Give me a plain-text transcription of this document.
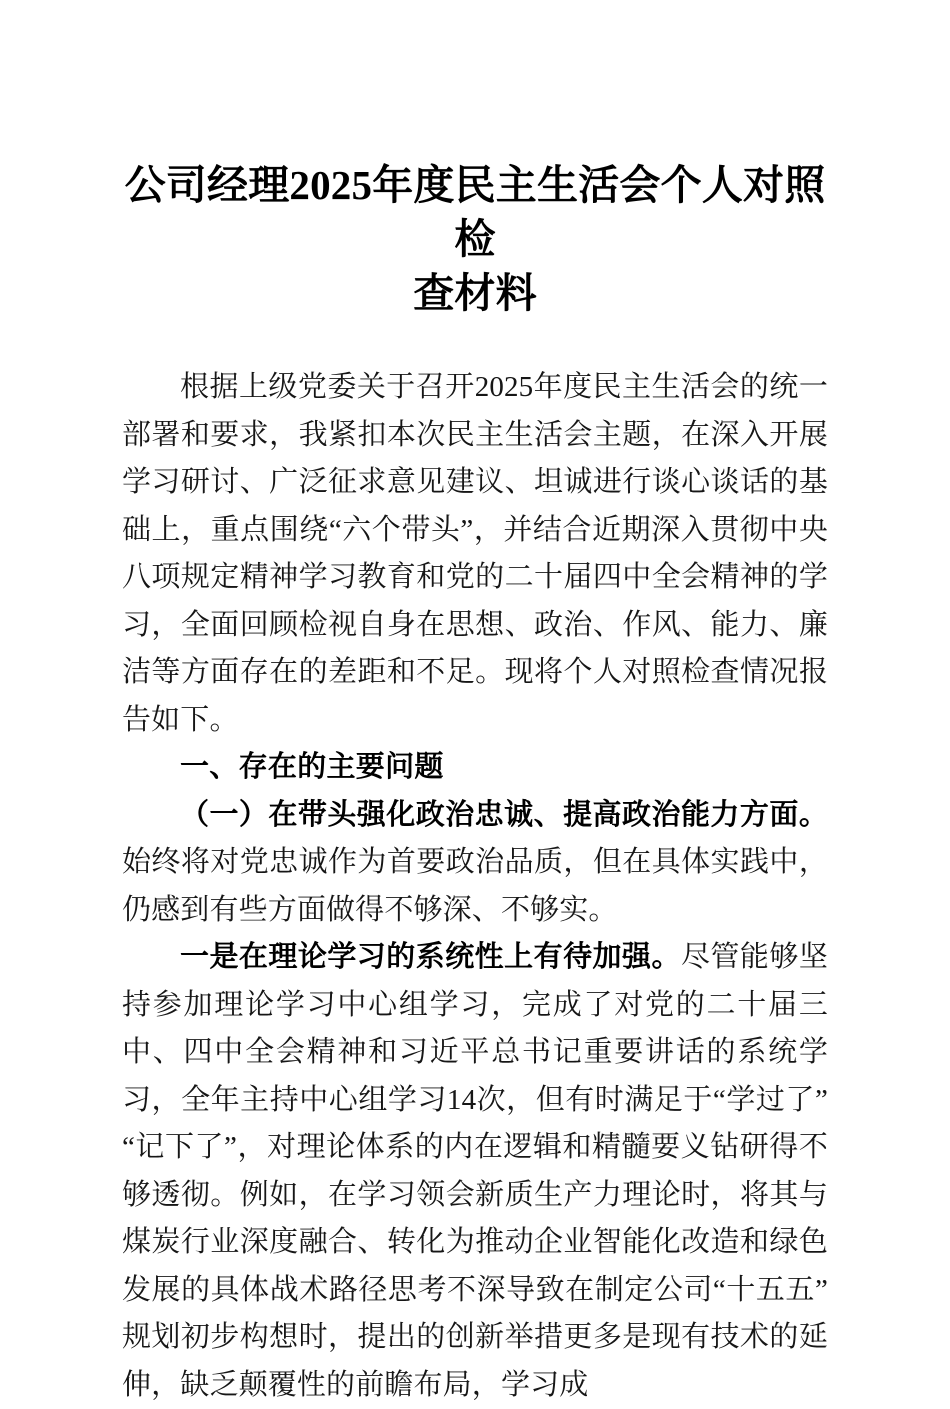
公司经理2025年度民主生活会个人对照检
查材料

根据上级党委关于召开2025年度民主生活会的统一部署和要求，我紧扣本次民主生活会主题，在深入开展学习研讨、广泛征求意见建议、坦诚进行谈心谈话的基础上，重点围绕“六个带头”，并结合近期深入贯彻中央八项规定精神学习教育和党的二十届四中全会精神的学习，全面回顾检视自身在思想、政治、作风、能力、廉洁等方面存在的差距和不足。现将个人对照检查情况报告如下。

一、存在的主要问题

（一）在带头强化政治忠诚、提高政治能力方面。始终将对党忠诚作为首要政治品质，但在具体实践中，仍感到有些方面做得不够深、不够实。

一是在理论学习的系统性上有待加强。尽管能够坚持参加理论学习中心组学习，完成了对党的二十届三中、四中全会精神和习近平总书记重要讲话的系统学习，全年主持中心组学习14次，但有时满足于“学过了”“记下了”，对理论体系的内在逻辑和精髓要义钻研得不够透彻。例如，在学习领会新质生产力理论时，将其与煤炭行业深度融合、转化为推动企业智能化改造和绿色发展的具体战术路径思考不深导致在制定公司“十五五”规划初步构想时，提出的创新举措更多是现有技术的延伸，缺乏颠覆性的前瞻布局，学习成
